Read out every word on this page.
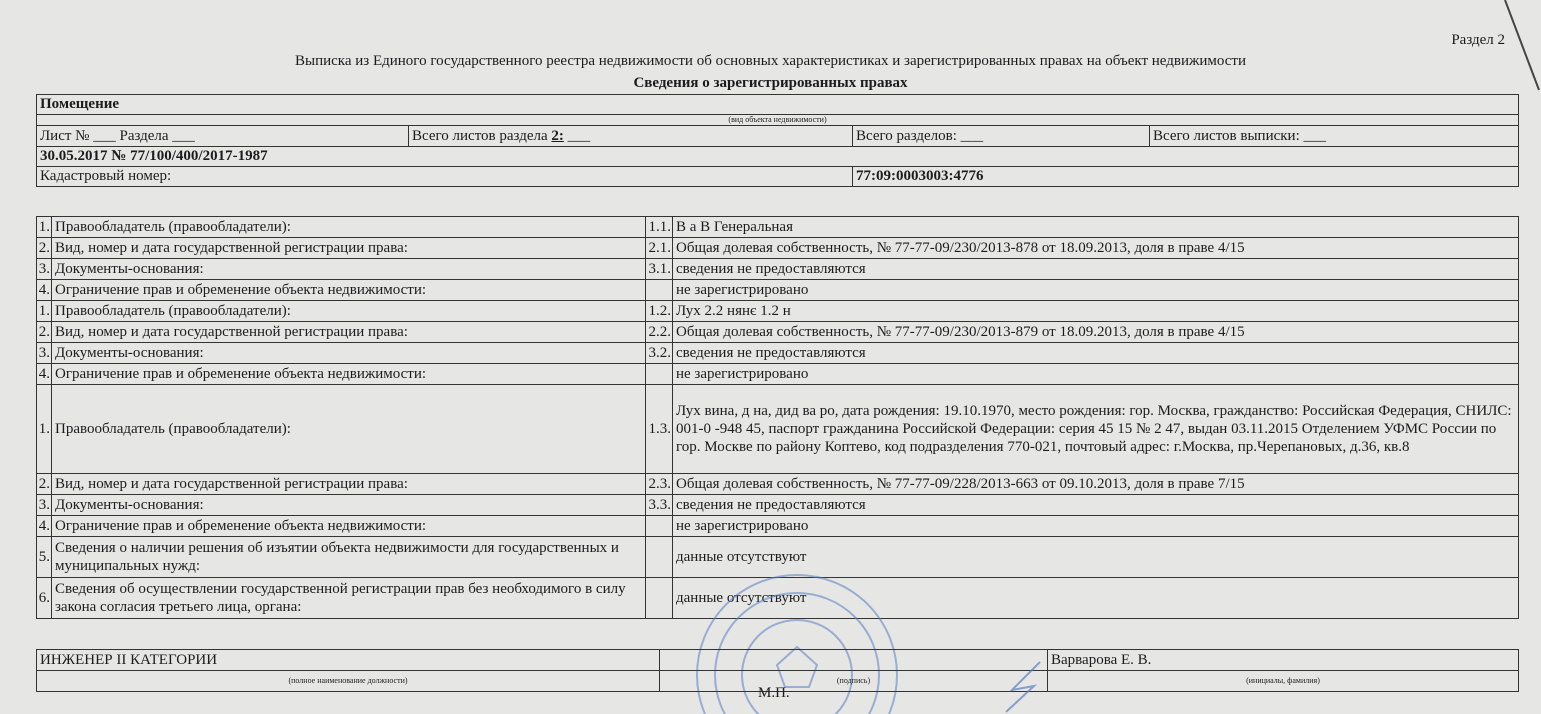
Раздел 2
Выписка из Единого государственного реестра недвижимости об основных характеристиках и зарегистрированных правах на объект недвижимости
Сведения о зарегистрированных правах
Помещение			
(вид объекта недвижимости)			
Лист № ___ Раздела ___	Всего листов раздела 2: ___	Всего разделов: ___	Всего листов выписки: ___
30.05.2017 № 77/100/400/2017-1987			
Кадастровый номер:		77:09:0003003:4776	
1.	Правообладатель (правообладатели):	1.1.	В а В Генеральная
2.	Вид, номер и дата государственной регистрации права:	2.1.	Общая долевая собственность, № 77-77-09/230/2013-878 от 18.09.2013, доля в праве 4/15
3.	Документы-основания:	3.1.	сведения не предоставляются
4.	Ограничение прав и обременение объекта недвижимости:		не зарегистрировано
1.	Правообладатель (правообладатели):	1.2.	Лух 2.2 нянє 1.2 н
2.	Вид, номер и дата государственной регистрации права:	2.2.	Общая долевая собственность, № 77-77-09/230/2013-879 от 18.09.2013, доля в праве 4/15
3.	Документы-основания:	3.2.	сведения не предоставляются
4.	Ограничение прав и обременение объекта недвижимости:		не зарегистрировано
1.	Правообладатель (правообладатели):	1.3.	Лух вина, д на, дид ва ро, дата рождения: 19.10.1970, место рождения: гор. Москва, гражданство: Российская Федерация, СНИЛС: 001-0 -948 45, паспорт гражданина Российской Федерации: серия 45 15 № 2 47, выдан 03.11.2015 Отделением УФМС России по гор. Москве по району Коптево, код подразделения 770-021, почтовый адрес: г.Москва, пр.Черепановых, д.36, кв.8
2.	Вид, номер и дата государственной регистрации права:	2.3.	Общая долевая собственность, № 77-77-09/228/2013-663 от 09.10.2013, доля в праве 7/15
3.	Документы-основания:	3.3.	сведения не предоставляются
4.	Ограничение прав и обременение объекта недвижимости:		не зарегистрировано
5.	Сведения о наличии решения об изъятии объекта недвижимости для государственных и муниципальных нужд:		данные отсутствуют
6.	Сведения об осуществлении государственной регистрации прав без необходимого в силу закона согласия третьего лица, органа:		данные отсутствуют
ИНЖЕНЕР II КАТЕГОРИИ		Варварова Е. В.
(полное наименование должности)	(подпись)	(инициалы, фамилия)
М.П.
